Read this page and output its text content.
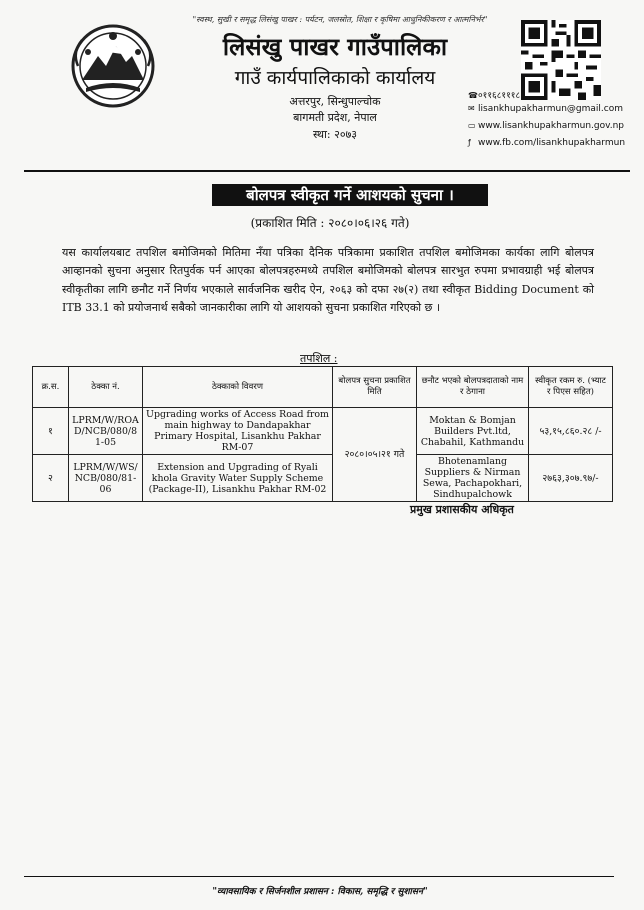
"स्वस्थ, सुखी र समृद्ध लिसंखु पाखर : पर्यटन, जलस्रोत, शिक्षा र कृषिमा आधुनिकीकरण र आत्मनिर्भर"
लिसंखु पाखर गाउँपालिका
गाउँ कार्यपालिकाको कार्यालय
अत्तरपुर, सिन्धुपाल्चोक
बागमती प्रदेश, नेपाल
स्था: २०७३
☎०११६८१११८
✉ lisankhupakharmun@gmail.com
▭ www.lisankhupakharmun.gov.np
ƒ www.fb.com/lisankhupakharmun
बोलपत्र स्वीकृत गर्ने आशयको सुचना ।
(प्रकाशित मिति : २०८०।०६।२६ गते)
यस कार्यालयबाट तपशिल बमोजिमको मितिमा नँया पत्रिका दैनिक पत्रिकामा प्रकाशित तपशिल बमोजिमका कार्यका लागि बोलपत्र आव्हानको सुचना अनुसार रितपुर्वक पर्न आएका बोलपत्रहरुमध्ये तपशिल बमोजिमको बोलपत्र सारभुत रुपमा प्रभावग्राही भई बोलपत्र स्वीकृतीका लागि छनौट गर्ने निर्णय भएकाले सार्वजनिक खरीद ऐन, २०६३ को दफा २७(२) तथा स्वीकृत Bidding Document को ITB 33.1 को प्रयोजनार्थ सबैको जानकारीका लागि यो आशयको सुचना प्रकाशित गरिएको छ ।
तपशिल :
क्र.स.	ठेक्का नं.	ठेक्काको विवरण	बोलपत्र सुचना प्रकाशित मिति	छनौट भएको बोलपत्रदाताको नाम र ठेगाना	स्वीकृत रकम रु. (भ्याट र पिएस सहित)
१	LPRM/W/ROAD/NCB/080/81-05	Upgrading works of Access Road from main highway to Dandapakhar Primary Hospital, Lisankhu Pakhar RM-07	२०८०।०५।२१ गते	Moktan & Bomjan Builders Pvt.ltd, Chabahil, Kathmandu	५३,१५,८६०.२८ /-
२	LPRM/W/WS/NCB/080/81-06	Extension and Upgrading of Ryali khola Gravity Water Supply Scheme (Package-II), Lisankhu Pakhar RM-02		Bhotenamlang Suppliers & Nirman Sewa, Pachapokhari, Sindhupalchowk	२७६३,३०७.९७/-
प्रमुख प्रशासकीय अधिकृत
"व्यावसायिक र सिर्जनशील प्रशासन : विकास, समृद्धि र सुशासन"
